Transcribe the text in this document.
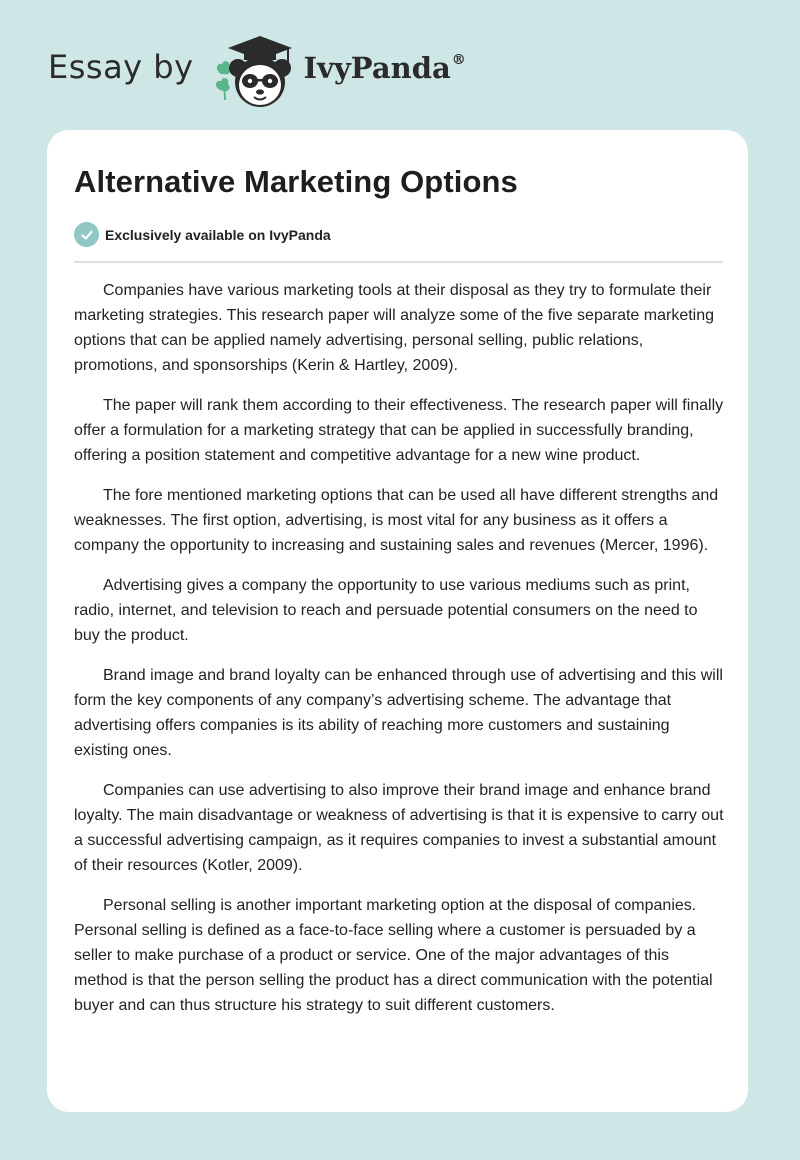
Essay by	IvyPanda®
Alternative Marketing Options
Exclusively available on IvyPanda

Companies have various marketing tools at their disposal as they try to formulate their marketing strategies. This research paper will analyze some of the five separate marketing options that can be applied namely advertising, personal selling, public relations, promotions, and sponsorships (Kerin & Hartley, 2009).

The paper will rank them according to their effectiveness. The research paper will finally offer a formulation for a marketing strategy that can be applied in successfully branding, offering a position statement and competitive advantage for a new wine product.

The fore mentioned marketing options that can be used all have different strengths and weaknesses. The first option, advertising, is most vital for any business as it offers a company the opportunity to increasing and sustaining sales and revenues (Mercer, 1996).

Advertising gives a company the opportunity to use various mediums such as print, radio, internet, and television to reach and persuade potential consumers on the need to buy the product.

Brand image and brand loyalty can be enhanced through use of advertising and this will form the key components of any company’s advertising scheme. The advantage that advertising offers companies is its ability of reaching more customers and sustaining existing ones.

Companies can use advertising to also improve their brand image and enhance brand loyalty. The main disadvantage or weakness of advertising is that it is expensive to carry out a successful advertising campaign, as it requires companies to invest a substantial amount of their resources (Kotler, 2009).

Personal selling is another important marketing option at the disposal of companies. Personal selling is defined as a face-to-face selling where a customer is persuaded by a seller to make purchase of a product or service. One of the major advantages of this method is that the person selling the product has a direct communication with the potential buyer and can thus structure his strategy to suit different customers.
